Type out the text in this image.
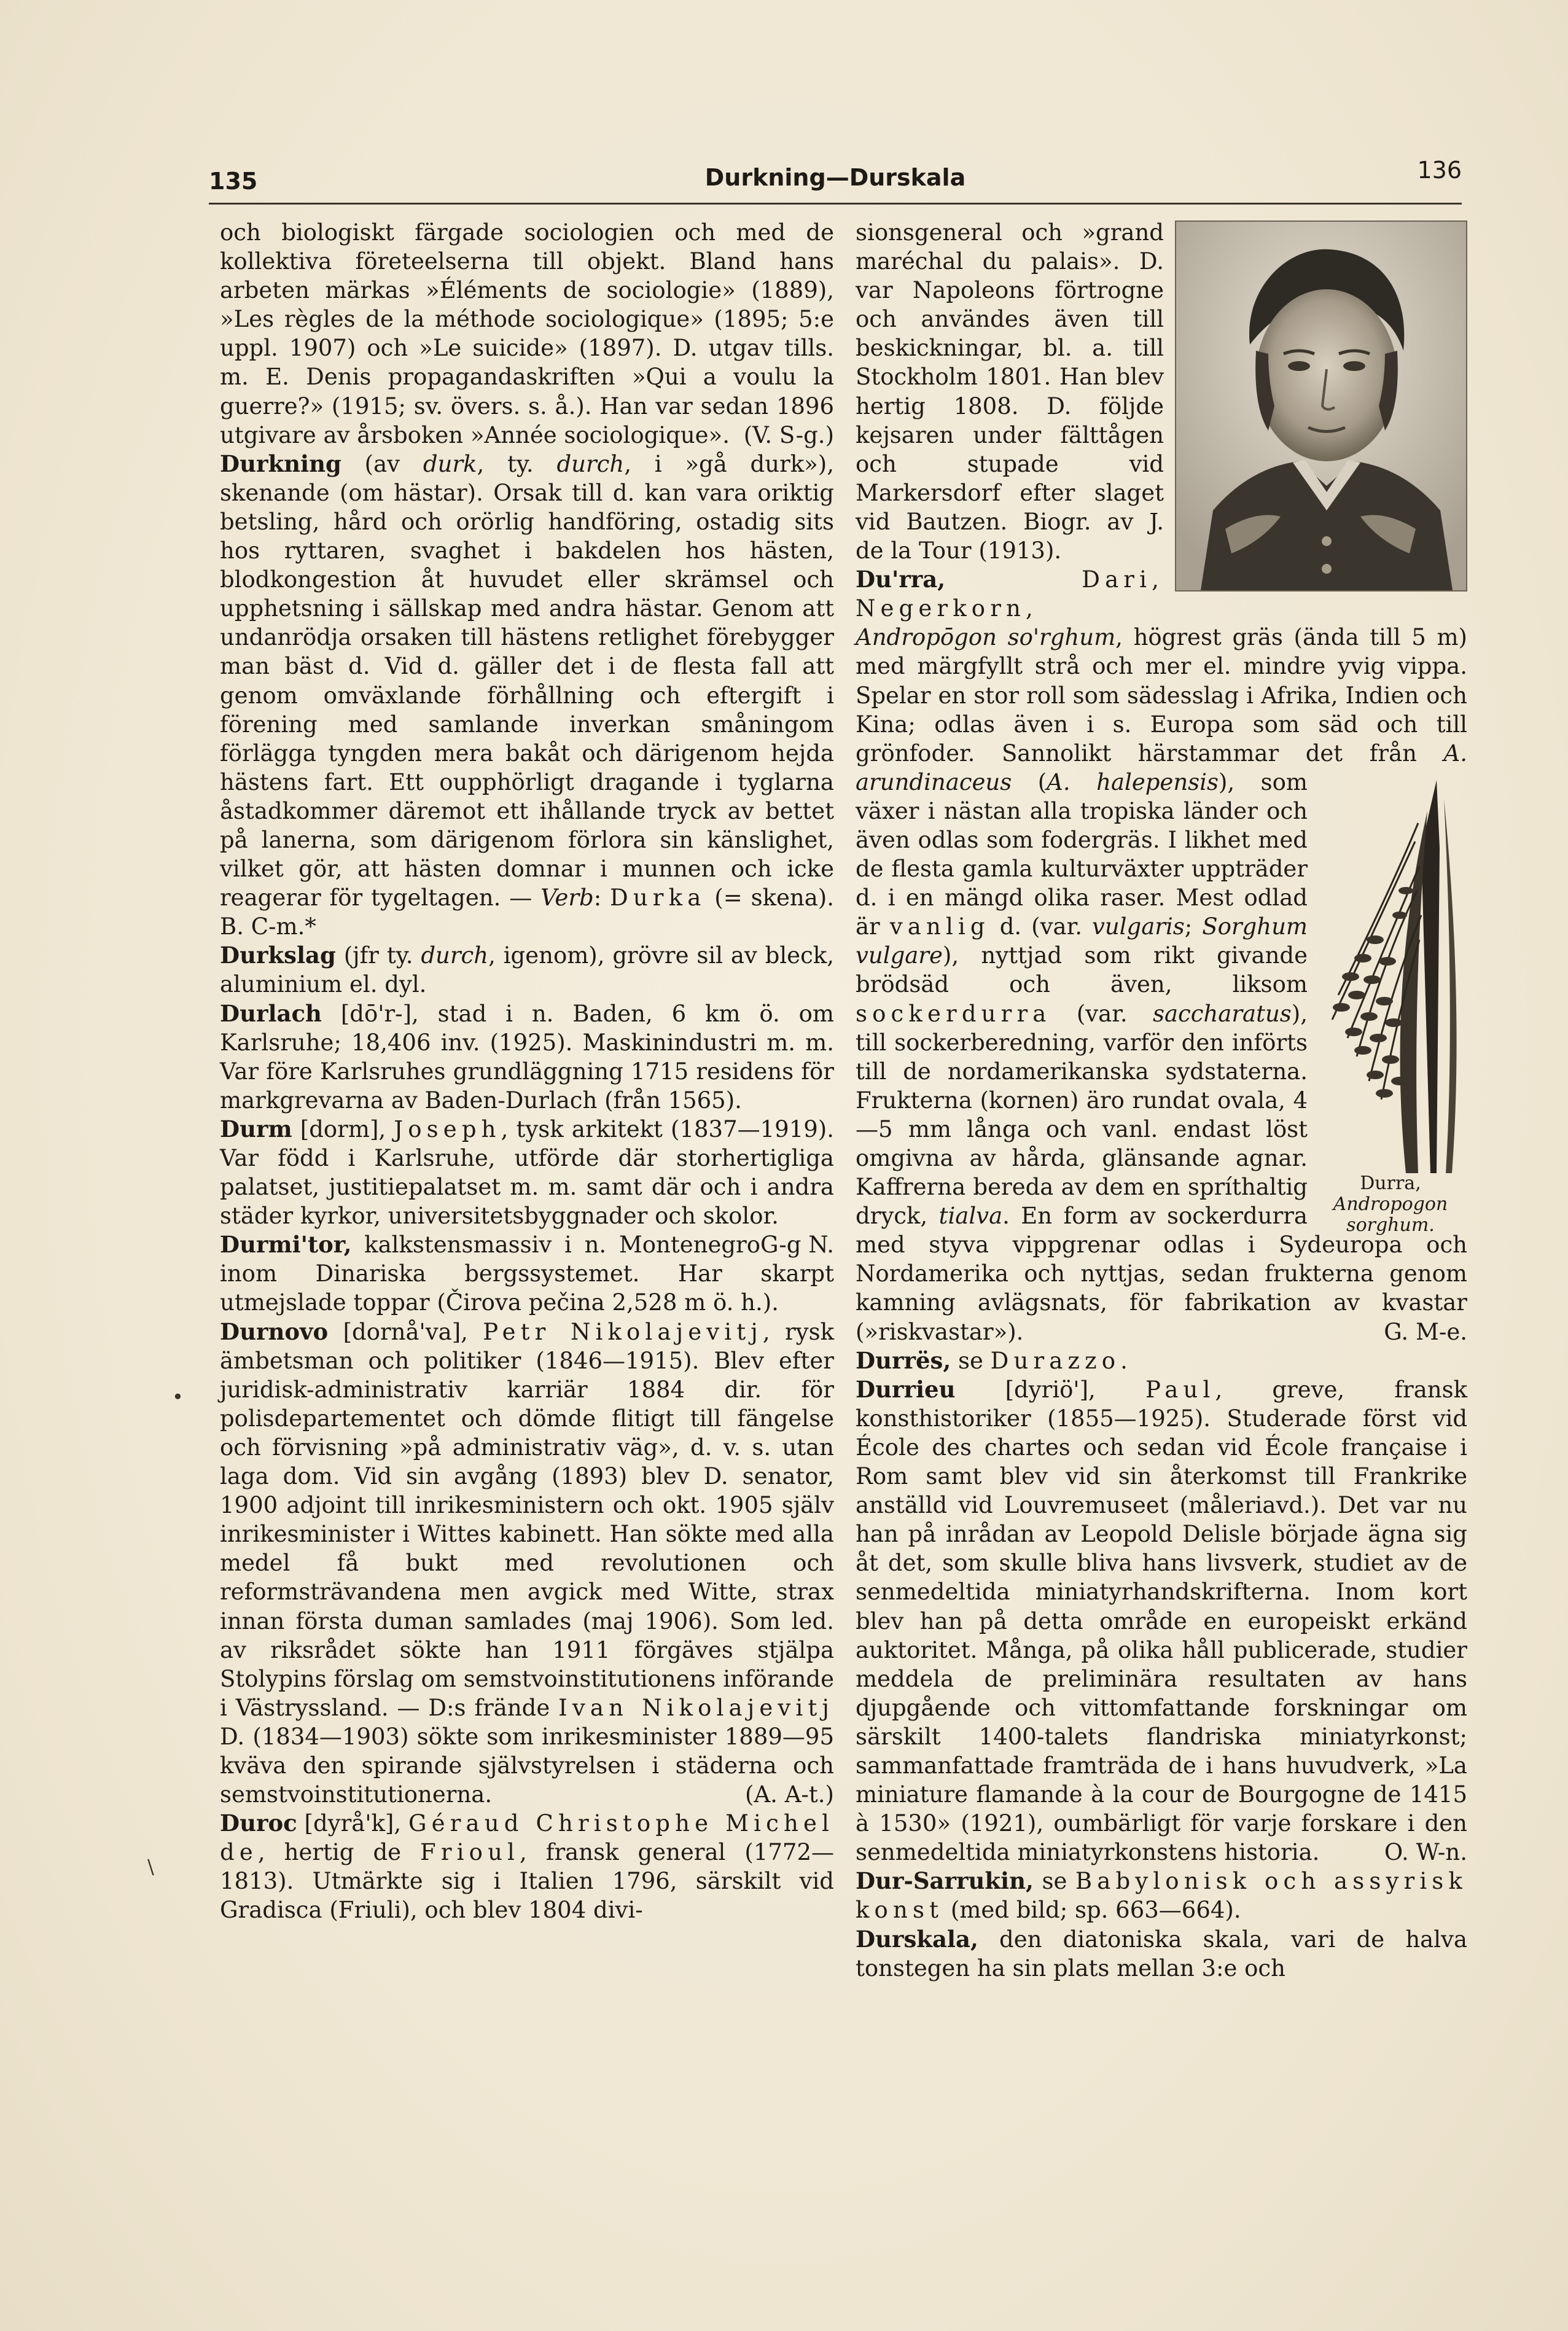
135	Durkning—Durskala	136
•
\

och biologiskt färgade sociologien och med de kollektiva företeelserna till objekt. Bland hans arbeten märkas »Éléments de sociologie» (1889), »Les règles de la méthode sociologique» (1895; 5:e uppl. 1907) och »Le suicide» (1897). D. utgav tills. m. E. Denis propagandaskriften »Qui a voulu la guerre?» (1915; sv. övers. s. å.). Han var sedan 1896 utgivare av årsboken »Année sociologique». (V. S-g.)

Durkning (av durk, ty. durch, i »gå durk»), skenande (om hästar). Orsak till d. kan vara oriktig betsling, hård och orörlig handföring, ostadig sits hos ryttaren, svaghet i bakdelen hos hästen, blodkongestion åt huvudet eller skrämsel och upphetsning i sällskap med andra hästar. Genom att undanrödja orsaken till hästens retlighet förebygger man bäst d. Vid d. gäller det i de flesta fall att genom omväxlande förhållning och eftergift i förening med samlande inverkan småningom förlägga tyngden mera bakåt och därigenom hejda hästens fart. Ett oupphörligt dragande i tyglarna åstadkommer däremot ett ihållande tryck av bettet på lanerna, som därigenom förlora sin känslighet, vilket gör, att hästen domnar i munnen och icke reagerar för tygeltagen. — Verb: Durka (= skena). B. C-m.*

Durkslag (jfr ty. durch, igenom), grövre sil av bleck, aluminium el. dyl.

Durlach [dō'r-], stad i n. Baden, 6 km ö. om Karlsruhe; 18,406 inv. (1925). Maskinindustri m. m. Var före Karlsruhes grundläggning 1715 residens för markgrevarna av Baden-Durlach (från 1565).

Durm [dorm], Joseph, tysk arkitekt (1837—1919). Var född i Karlsruhe, utförde där storhertigliga palatset, justitiepalatset m. m. samt där och i andra städer kyrkor, universitetsbyggnader och skolor.
G-g N.

Durmi'tor, kalkstensmassiv i n. Montenegro inom Dinariska bergssystemet. Har skarpt utmejslade toppar (Čirova pečina 2,528 m ö. h.).

Durnovo [dornå'va], Petr Nikolajevitj, rysk ämbetsman och politiker (1846—1915). Blev efter juridisk-administrativ karriär 1884 dir. för polisdepartementet och dömde flitigt till fängelse och förvisning »på administrativ väg», d. v. s. utan laga dom. Vid sin avgång (1893) blev D. senator, 1900 adjoint till inrikesministern och okt. 1905 själv inrikesminister i Wittes kabinett. Han sökte med alla medel få bukt med revolutionen och reformsträvandena men avgick med Witte, strax innan första duman samlades (maj 1906). Som led. av riksrådet sökte han 1911 förgäves stjälpa Stolypins förslag om semstvoinstitutionens införande i Västryssland. — D:s frände Ivan Nikolajevitj D. (1834—1903) sökte som inrikesminister 1889—95 kväva den spirande självstyrelsen i städerna och semstvoinstitutionerna.	(A. A-t.)

Duroc [dyrå'k], Géraud Christophe Michel de, hertig de Frioul, fransk general (1772—1813). Utmärkte sig i Italien 1796, särskilt vid Gradisca (Friuli), och blev 1804 divi-

sionsgeneral och »grand maréchal du palais». D. var Napoleons förtrogne och användes även till beskickningar, bl. a. till Stockholm 1801. Han blev hertig 1808. D. följde kejsaren under fälttågen och stupade vid Markersdorf efter slaget vid Bautzen. Biogr. av J. de la Tour (1913).

Du'rra,	Dari, Negerkorn, Andropōgon so'rghum, högrest gräs (ända till 5 m) med märgfyllt strå och mer el. mindre yvig vippa. Spelar en stor roll som sädesslag i Afrika, Indien och Kina; odlas även i s. Europa som säd och till grönfoder. Sannolikt härstammar det från
Durra,
Andropogon
sorghum.
A. arundinaceus (A. halepensis), som växer i nästan alla tropiska länder och även odlas som fodergräs. I likhet med de flesta gamla kulturväxter uppträder d. i en mängd olika raser. Mest odlad är vanlig d. (var. vulgaris; Sorghum vulgare), nyttjad som rikt givande brödsäd och även, liksom sockerdurra (var. saccharatus), till sockerberedning, varför den införts till de nordamerikanska sydstaterna. Frukterna (kornen) äro rundat ovala, 4—5 mm långa och vanl. endast löst omgivna av hårda, glänsande agnar. Kaffrerna bereda av dem en spríthaltig dryck, tialva. En form av sockerdurra med styva vippgrenar odlas i Sydeuropa och Nordamerika och nyttjas, sedan frukterna genom kamning avlägsnats, för fabrikation av kvastar (»riskvastar»).	G. M-e.

Durrës, se Durazzo.

Durrieu [dyriö'], Paul, greve, fransk konsthistoriker (1855—1925). Studerade först vid École des chartes och sedan vid École française i Rom samt blev vid sin återkomst till Frankrike anställd vid Louvremuseet (måleriavd.). Det var nu han på inrådan av Leopold Delisle började ägna sig åt det, som skulle bliva hans livsverk, studiet av de senmedeltida miniatyrhandskrifterna. Inom kort blev han på detta område en europeiskt erkänd auktoritet. Många, på olika håll publicerade, studier meddela de preliminära resultaten av hans djupgående och vittomfattande forskningar om särskilt 1400-talets flandriska miniatyrkonst; sammanfattade framträda de i hans huvudverk, »La miniature flamande à la cour de Bourgogne de 1415 à 1530» (1921), oumbärligt för varje forskare i den senmedeltida miniatyrkonstens historia.	O. W-n.

Dur-Sarrukin, se Babylonisk och assyrisk konst (med bild; sp. 663—664).

Durskala, den diatoniska skala, vari de halva tonstegen ha sin plats mellan 3:e och
